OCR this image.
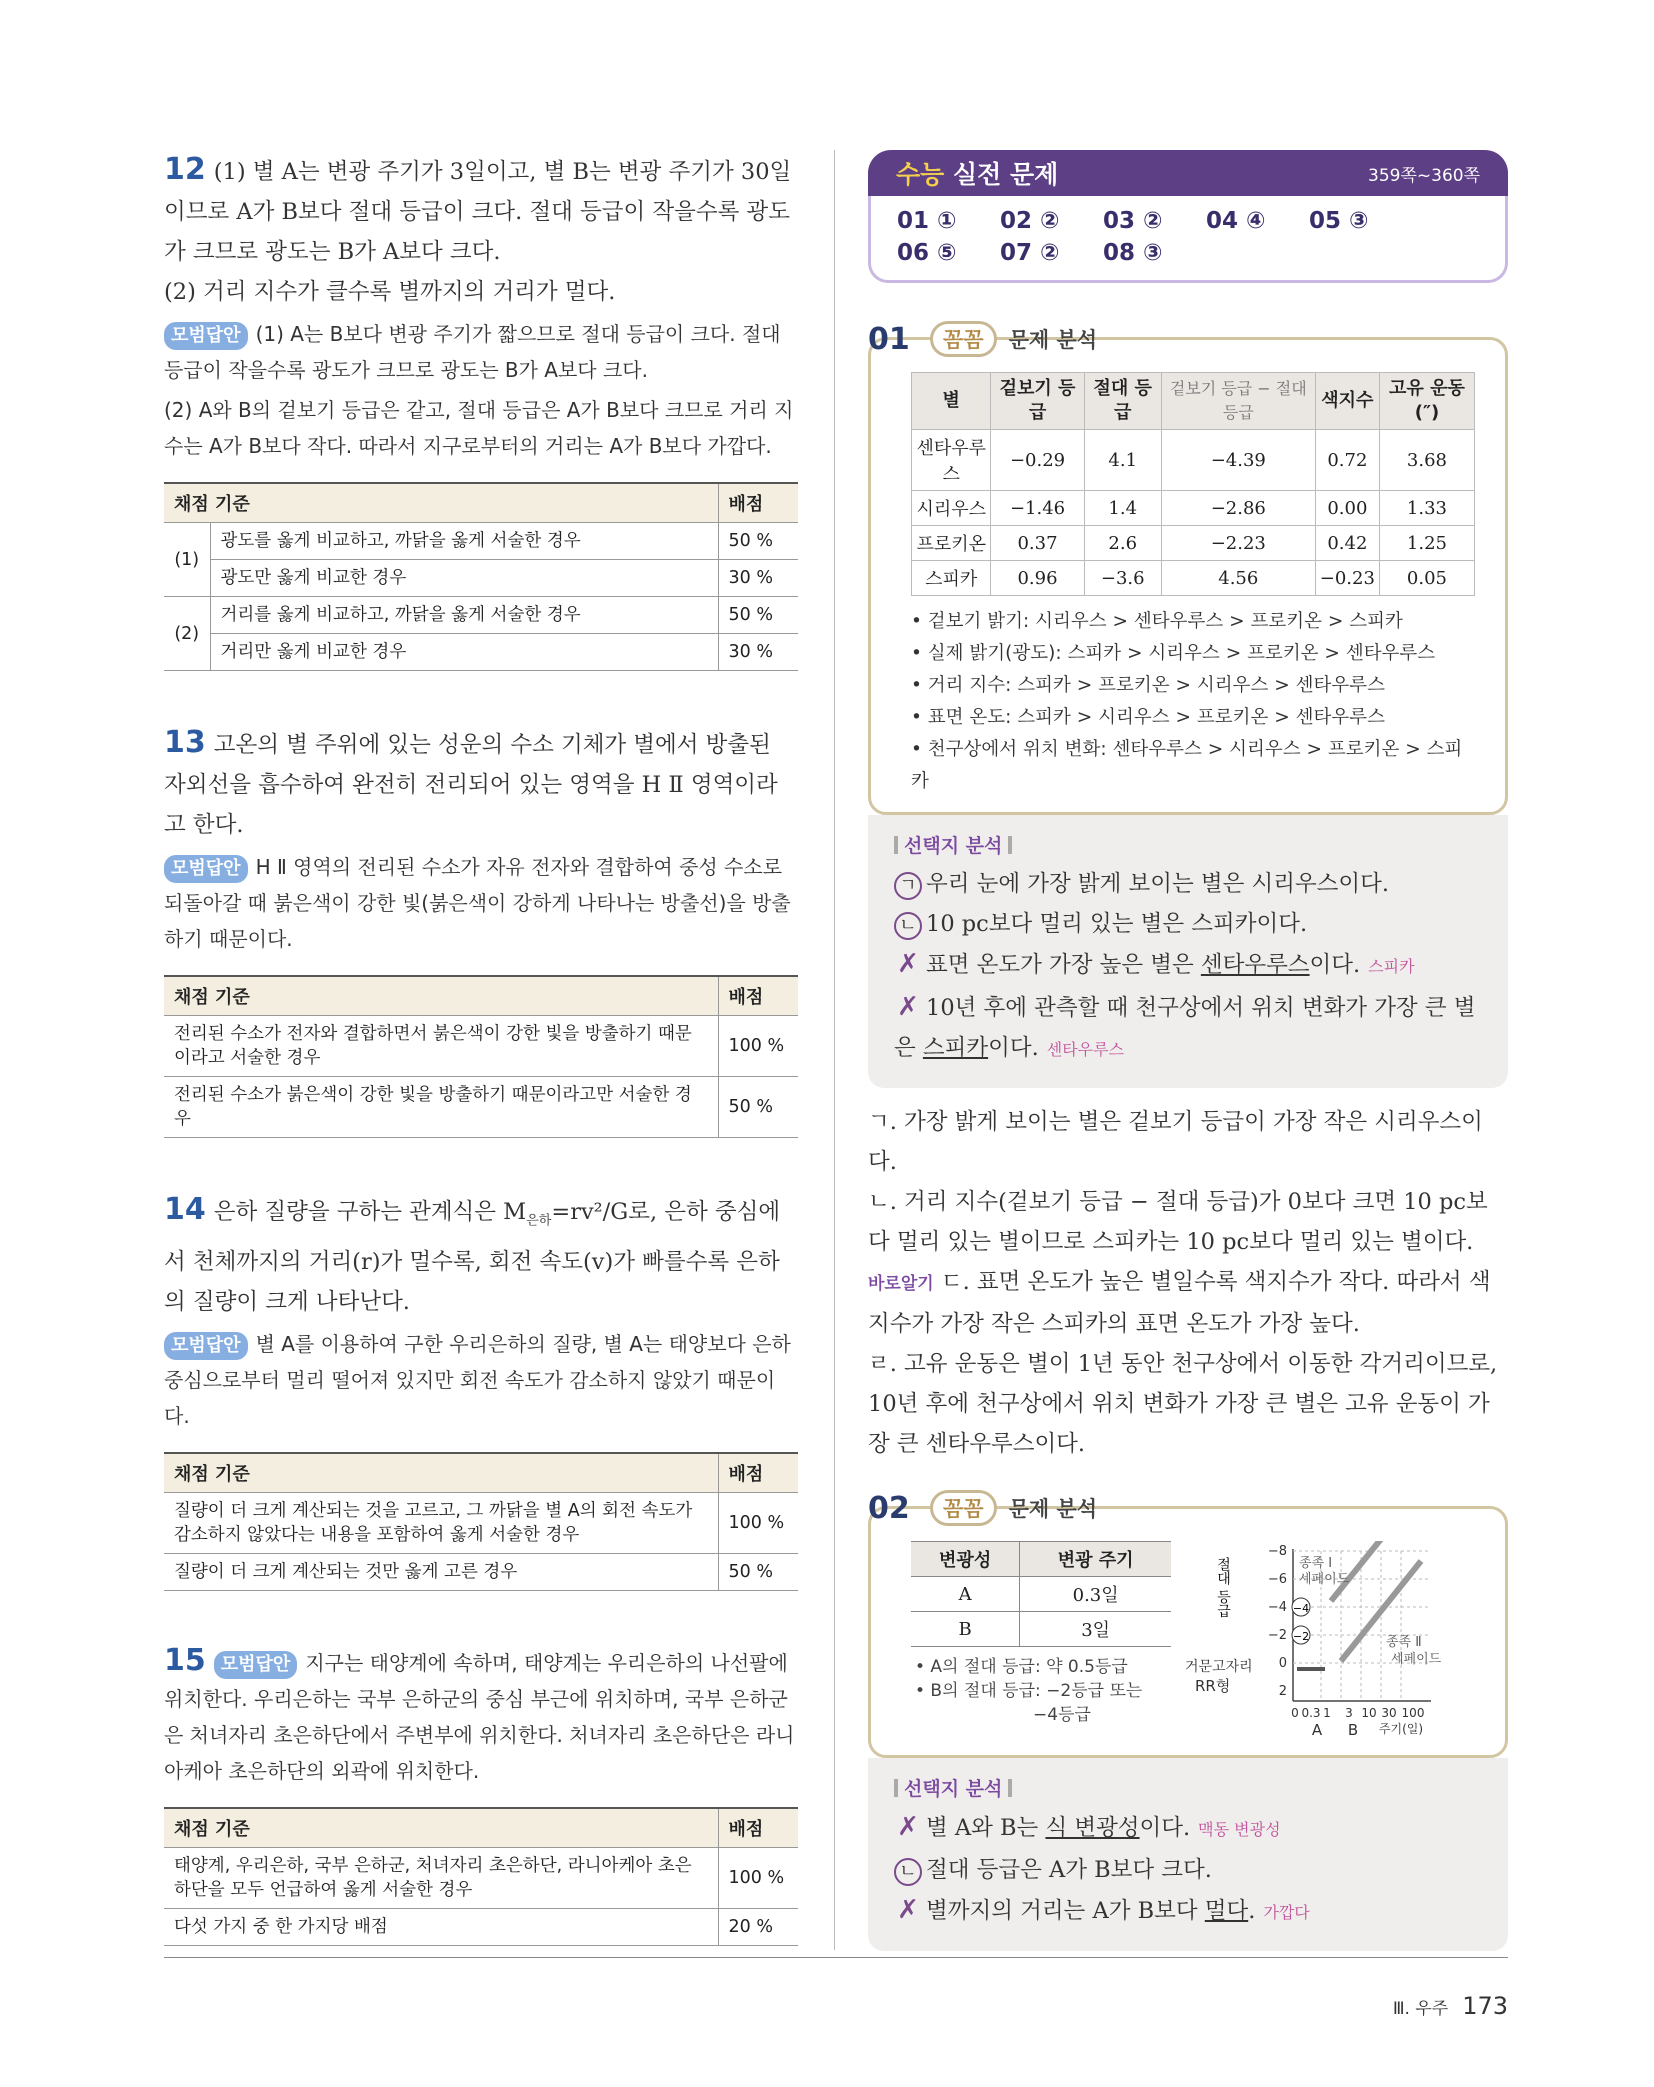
12 (1) 별 A는 변광 주기가 3일이고, 별 B는 변광 주기가 30일이므로 A가 B보다 절대 등급이 크다. 절대 등급이 작을수록 광도가 크므로 광도는 B가 A보다 크다.
(2) 거리 지수가 클수록 별까지의 거리가 멀다.
모범답안 (1) A는 B보다 변광 주기가 짧으므로 절대 등급이 크다. 절대 등급이 작을수록 광도가 크므로 광도는 B가 A보다 크다.
(2) A와 B의 겉보기 등급은 같고, 절대 등급은 A가 B보다 크므로 거리 지수는 A가 B보다 작다. 따라서 지구로부터의 거리는 A가 B보다 가깝다.
채점 기준		배점
(1)	광도를 옳게 비교하고, 까닭을 옳게 서술한 경우	50 %
	광도만 옳게 비교한 경우	30 %
(2)	거리를 옳게 비교하고, 까닭을 옳게 서술한 경우	50 %
	거리만 옳게 비교한 경우	30 %
13 고온의 별 주위에 있는 성운의 수소 기체가 별에서 방출된 자외선을 흡수하여 완전히 전리되어 있는 영역을 H Ⅱ 영역이라고 한다.
모범답안 H Ⅱ 영역의 전리된 수소가 자유 전자와 결합하여 중성 수소로 되돌아갈 때 붉은색이 강한 빛(붉은색이 강하게 나타나는 방출선)을 방출하기 때문이다.
채점 기준	배점
전리된 수소가 전자와 결합하면서 붉은색이 강한 빛을 방출하기 때문이라고 서술한 경우	100 %
전리된 수소가 붉은색이 강한 빛을 방출하기 때문이라고만 서술한 경우	50 %
14 은하 질량을 구하는 관계식은 $M_{은하}=rv^2/G$로, 은하 중심에서 천체까지의 거리(r)가 멀수록, 회전 속도(v)가 빠를수록 은하의 질량이 크게 나타난다.
모범답안 별 A를 이용하여 구한 우리은하의 질량, 별 A는 태양보다 은하 중심으로부터 멀리 떨어져 있지만 회전 속도가 감소하지 않았기 때문이다.
채점 기준	배점
질량이 더 크게 계산되는 것을 고르고, 그 까닭을 별 A의 회전 속도가 감소하지 않았다는 내용을 포함하여 옳게 서술한 경우	100 %
질량이 더 크게 계산되는 것만 옳게 고른 경우	50 %
15 모범답안 지구는 태양계에 속하며, 태양계는 우리은하의 나선팔에 위치한다. 우리은하는 국부 은하군의 중심 부근에 위치하며, 국부 은하군은 처녀자리 초은하단에서 주변부에 위치한다. 처녀자리 초은하단은 라니아케아 초은하단의 외곽에 위치한다.
채점 기준	배점
태양계, 우리은하, 국부 은하군, 처녀자리 초은하단, 라니아케아 초은하단을 모두 언급하여 옳게 서술한 경우	100 %
다섯 가지 중 한 가지당 배점	20 %
수능 실전 문제	359쪽~360쪽
01 ①	02 ②	03 ②	04 ④	05 ③
06 ⑤	07 ②	08 ③
01	꼼꼼	문제 분석
별	겉보기 등급	절대 등급	겉보기 등급 − 절대 등급	색지수	고유 운동(″)
센타우루스	−0.29	4.1	−4.39	0.72	3.68
시리우스	−1.46	1.4	−2.86	0.00	1.33
프로키온	0.37	2.6	−2.23	0.42	1.25
스피카	0.96	−3.6	4.56	−0.23	0.05
• 겉보기 밝기: 시리우스 > 센타우루스 > 프로키온 > 스피카
• 실제 밝기(광도): 스피카 > 시리우스 > 프로키온 > 센타우루스
• 거리 지수: 스피카 > 프로키온 > 시리우스 > 센타우루스
• 표면 온도: 스피카 > 시리우스 > 프로키온 > 센타우루스
• 천구상에서 위치 변화: 센타우루스 > 시리우스 > 프로키온 > 스피카
선택지 분석
ㄱ 우리 눈에 가장 밝게 보이는 별은 시리우스이다.
ㄴ 10 pc보다 멀리 있는 별은 스피카이다.
✗ 표면 온도가 가장 높은 별은 센타우루스이다. 스피카
✗ 10년 후에 관측할 때 천구상에서 위치 변화가 가장 큰 별은 스피카이다. 센타우루스
ㄱ. 가장 밝게 보이는 별은 겉보기 등급이 가장 작은 시리우스이다.
ㄴ. 거리 지수(겉보기 등급 − 절대 등급)가 0보다 크면 10 pc보다 멀리 있는 별이므로 스피카는 10 pc보다 멀리 있는 별이다.
바로알기 ㄷ. 표면 온도가 높은 별일수록 색지수가 작다. 따라서 색지수가 가장 작은 스피카의 표면 온도가 가장 높다.
ㄹ. 고유 운동은 별이 1년 동안 천구상에서 이동한 각거리이므로, 10년 후에 천구상에서 위치 변화가 가장 큰 별은 고유 운동이 가장 큰 센타우루스이다.
02	꼼꼼	문제 분석
변광성	변광 주기
A	0.3일
B	3일
• A의 절대 등급: 약 0.5등급
• B의 절대 등급: −2등급 또는
−4등급
절대 등급
−8
−6
−4
−2
0
2
종족 Ⅰ
세페이드
종족 Ⅱ
세페이드
거문고자리
RR형
−4
−2
0 0.3 1 3 10 30 100
A B 주기(일)
선택지 분석
✗ 별 A와 B는 식 변광성이다. 맥동 변광성
ㄴ 절대 등급은 A가 B보다 크다.
✗ 별까지의 거리는 A가 B보다 멀다. 가깝다
Ⅲ. 우주 173
